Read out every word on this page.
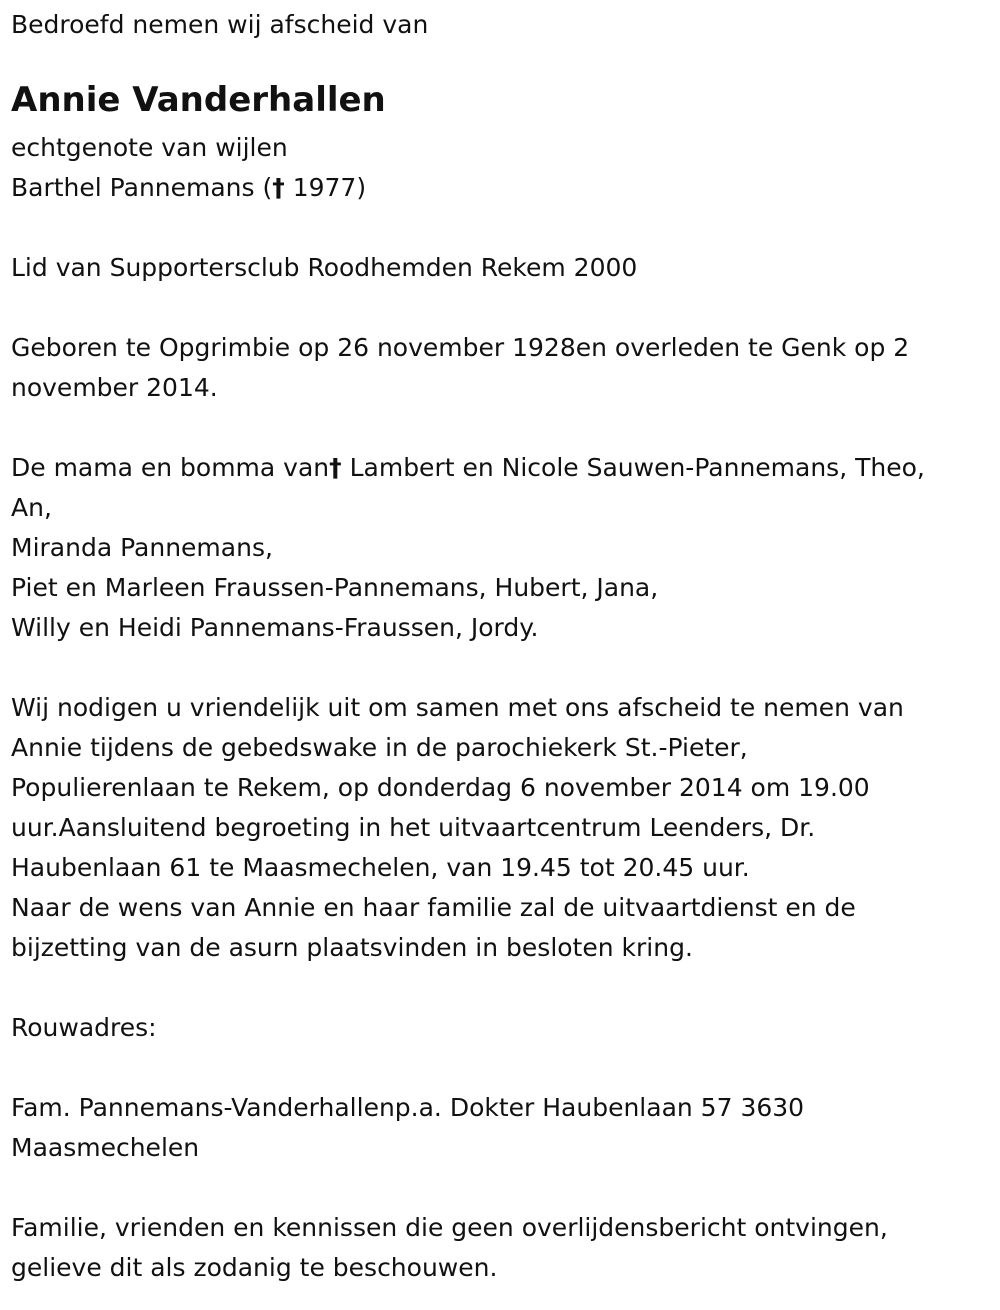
Bedroefd nemen wij afscheid van
Annie Vanderhallen
echtgenote van wijlen
Barthel Pannemans († 1977)
Lid van Supportersclub Roodhemden Rekem 2000
Geboren te Opgrimbie op 26 november 1928en overleden te Genk op 2
november 2014.
De mama en bomma van† Lambert en Nicole Sauwen-Pannemans, Theo,
An,
Miranda Pannemans,
Piet en Marleen Fraussen-Pannemans, Hubert, Jana,
Willy en Heidi Pannemans-Fraussen, Jordy.
Wij nodigen u vriendelijk uit om samen met ons afscheid te nemen van
Annie tijdens de gebedswake in de parochiekerk St.-Pieter,
Populierenlaan te Rekem, op donderdag 6 november 2014 om 19.00
uur.Aansluitend begroeting in het uitvaartcentrum Leenders, Dr.
Haubenlaan 61 te Maasmechelen, van 19.45 tot 20.45 uur.
Naar de wens van Annie en haar familie zal de uitvaartdienst en de
bijzetting van de asurn plaatsvinden in besloten kring.
Rouwadres:
Fam. Pannemans-Vanderhallenp.a. Dokter Haubenlaan 57 3630
Maasmechelen
Familie, vrienden en kennissen die geen overlijdensbericht ontvingen,
gelieve dit als zodanig te beschouwen.
